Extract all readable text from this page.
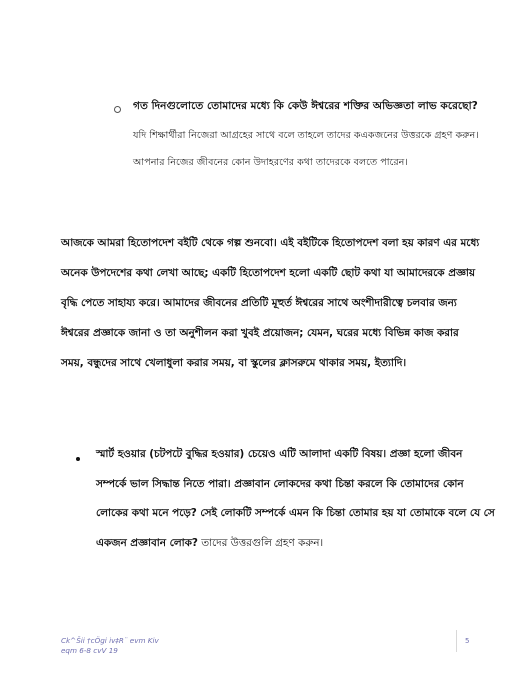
গত দিনগুলোতে তোমাদের মধ্যে কি কেউ ঈশ্বরের শক্তির অভিজ্ঞতা লাভ করেছো?
যদি শিক্ষার্থীরা নিজেরা আগ্রহের সাথে বলে তাহলে তাদের কএকজনের উত্তরকে গ্রহণ করুন। আপনার নিজের জীবনের কোন উদাহরণের কথা তাদেরকে বলতে পারেন।
আজকে আমরা হিতোপদেশ বইটি থেকে গল্প শুনবো। এই বইটিকে হিতোপদেশ বলা হয় কারণ এর মধ্যে অনেক উপদেশের কথা লেখা আছে; একটি হিতোপদেশ হলো একটি ছোট কথা যা আমাদেরকে প্রজ্ঞায় বৃদ্ধি পেতে সাহায্য করে। আমাদের জীবনের প্রতিটি মূহুর্ত ঈশ্বরের সাথে অংশীদারীত্বে চলবার জন্য ঈশ্বরের প্রজ্ঞাকে জানা ও তা অনুশীলন করা খুবই প্রয়োজন; যেমন, ঘরের মধ্যে বিভিন্ন কাজ করার সময়, বন্ধুদের সাথে খেলাধুলা করার সময়, বা স্কুলের ক্লাসরুমে থাকার সময়, ইত্যাদি।
স্মার্ট হওয়ার (চটপটে বুদ্ধির হওয়ার) চেয়েও এটি আলাদা একটি বিষয়। প্রজ্ঞা হলো জীবন সম্পর্কে ভাল সিদ্ধান্ত নিতে পারা। প্রজ্ঞাবান লোকদের কথা চিন্তা করলে কি তোমাদের কোন লোকের কথা মনে পড়ে? সেই লোকটি সম্পর্কে এমন কি চিন্তা তোমার হয় যা তোমাকে বলে যে সে একজন প্রজ্ঞাবান লোক? তাদের উত্তরগুলি গ্রহণ করুন।
Ck^Šii †cÖgi iv‡R¨ evm Kiv
eqm 6-8 cvV 19
5
